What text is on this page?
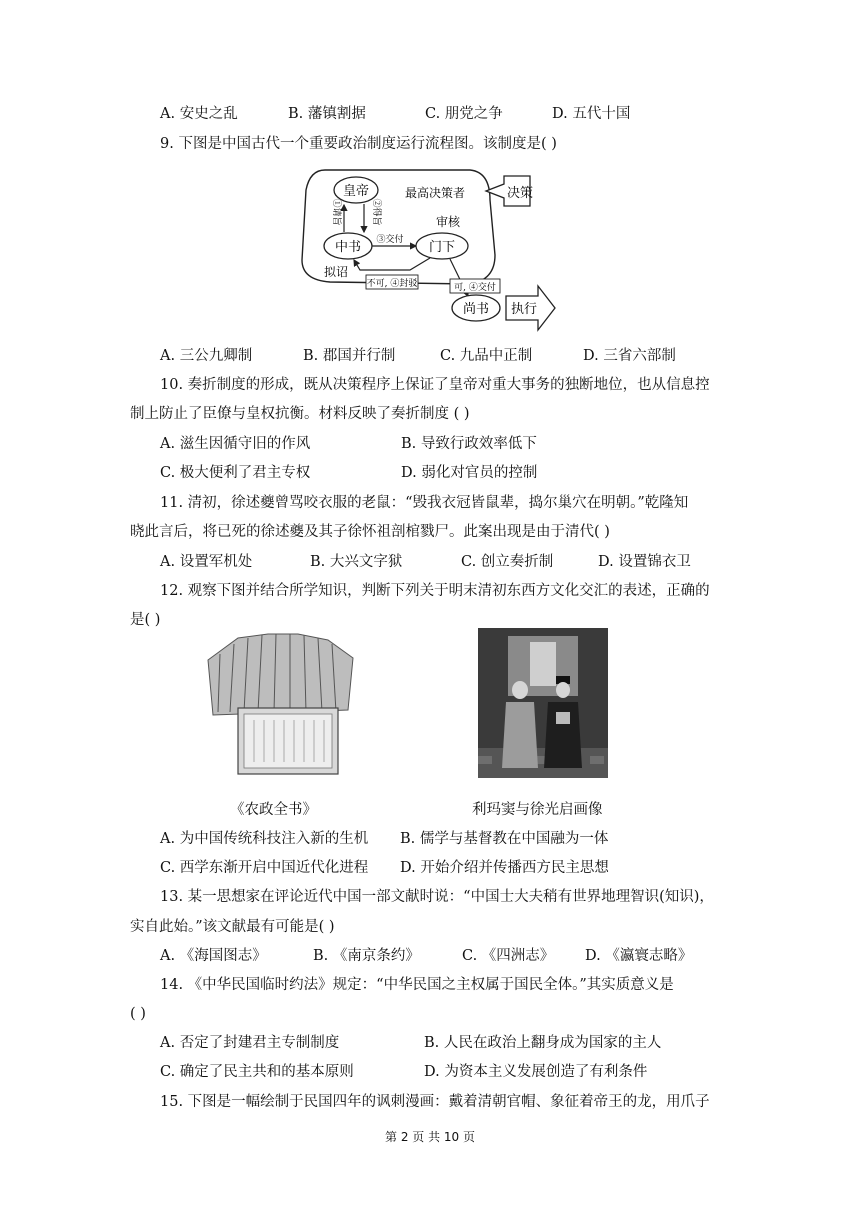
A. 安史之乱	B. 藩镇割据	C. 朋党之争	D. 五代十国
9. 下图是中国古代一个重要政治制度运行流程图。该制度是( )
决策
皇帝	最高决策者
①请旨	②得旨
中书
拟诏
③交付 门下
审核
不可, ④封驳	可, ④交付
尚书 执行
A. 三公九卿制	B. 郡国并行制	C. 九品中正制	D. 三省六部制
10. 奏折制度的形成，既从决策程序上保证了皇帝对重大事务的独断地位，也从信息控
制上防止了臣僚与皇权抗衡。材料反映了奏折制度 ( )
A. 滋生因循守旧的作风	B. 导致行政效率低下
C. 极大便利了君主专权	D. 弱化对官员的控制
11. 清初，徐述夔曾骂咬衣服的老鼠：“毁我衣冠皆鼠辈，捣尔巢穴在明朝。”乾隆知
晓此言后，将已死的徐述夔及其子徐怀祖剖棺戮尸。此案出现是由于清代( )
A. 设置军机处	B. 大兴文字狱	C. 创立奏折制	D. 设置锦衣卫
12. 观察下图并结合所学知识，判断下列关于明末清初东西方文化交汇的表述，正确的
是( )
《农政全书》	利玛窦与徐光启画像
A. 为中国传统科技注入新的生机 B. 儒学与基督教在中国融为一体
C. 西学东渐开启中国近代化进程 D. 开始介绍并传播西方民主思想
13. 某一思想家在评论近代中国一部文献时说：“中国士大夫稍有世界地理智识(知识)，
实自此始。”该文献最有可能是( )
A. 《海国图志》	B. 《南京条约》	C. 《四洲志》 D. 《瀛寰志略》
14. 《中华民国临时约法》规定：“中华民国之主权属于国民全体。”其实质意义是
( )
A. 否定了封建君主专制制度	B. 人民在政治上翻身成为国家的主人
C. 确定了民主共和的基本原则	D. 为资本主义发展创造了有利条件
15. 下图是一幅绘制于民国四年的讽刺漫画：戴着清朝官帽、象征着帝王的龙，用爪子
第 2 页 共 10 页
